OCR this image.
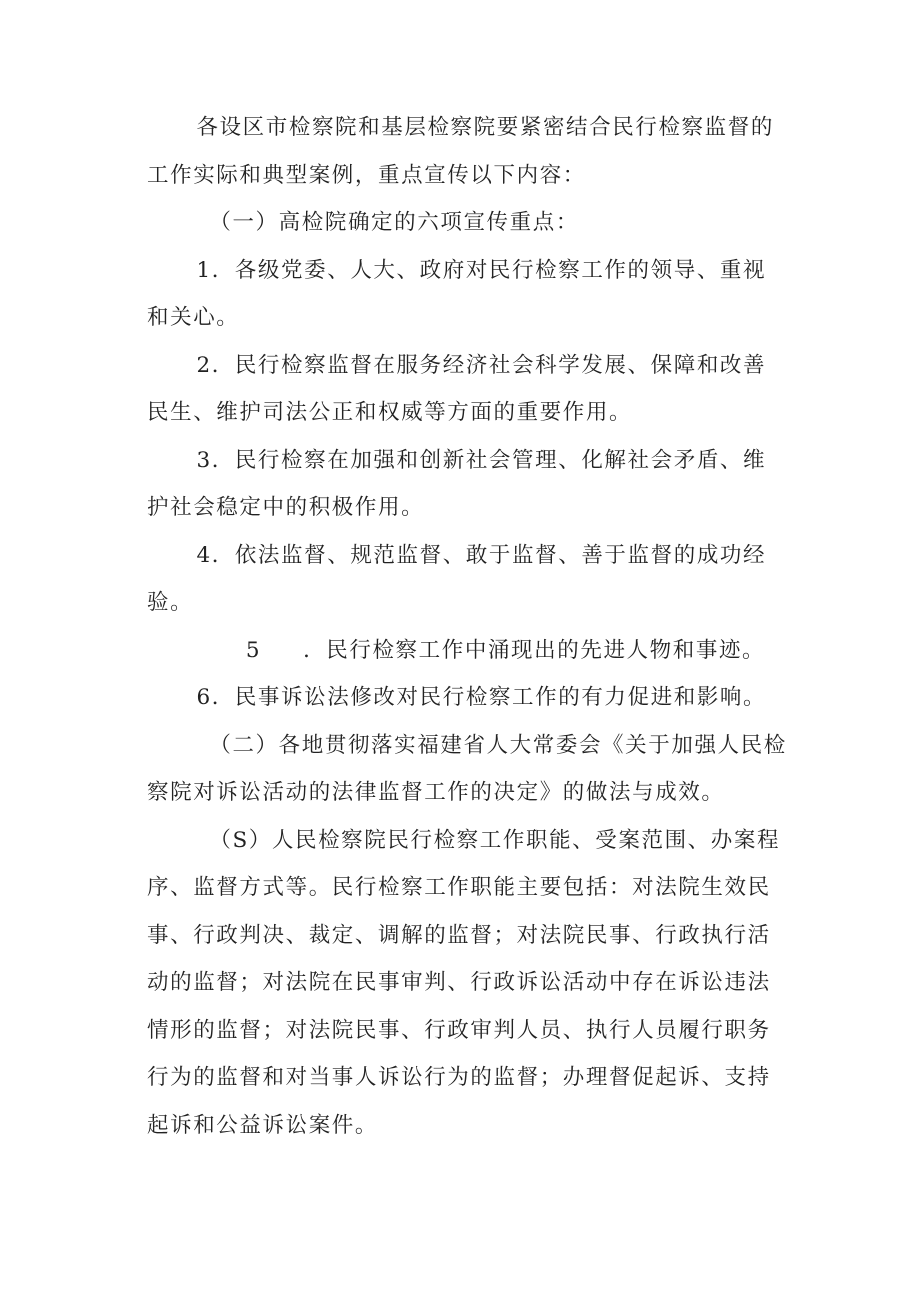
各设区市检察院和基层检察院要紧密结合民行检察监督的
工作实际和典型案例，重点宣传以下内容：
（一）高检院确定的六项宣传重点：
1．各级党委、人大、政府对民行检察工作的领导、重视
和关心。
2．民行检察监督在服务经济社会科学发展、保障和改善
民生、维护司法公正和权威等方面的重要作用。
3．民行检察在加强和创新社会管理、化解社会矛盾、维
护社会稳定中的积极作用。
4．依法监督、规范监督、敢于监督、善于监督的成功经
验。
5 ．民行检察工作中涌现出的先进人物和事迹。
6．民事诉讼法修改对民行检察工作的有力促进和影响。
（二）各地贯彻落实福建省人大常委会《关于加强人民检
察院对诉讼活动的法律监督工作的决定》的做法与成效。
（S）人民检察院民行检察工作职能、受案范围、办案程
序、监督方式等。民行检察工作职能主要包括：对法院生效民
事、行政判决、裁定、调解的监督；对法院民事、行政执行活
动的监督；对法院在民事审判、行政诉讼活动中存在诉讼违法
情形的监督；对法院民事、行政审判人员、执行人员履行职务
行为的监督和对当事人诉讼行为的监督；办理督促起诉、支持
起诉和公益诉讼案件。
